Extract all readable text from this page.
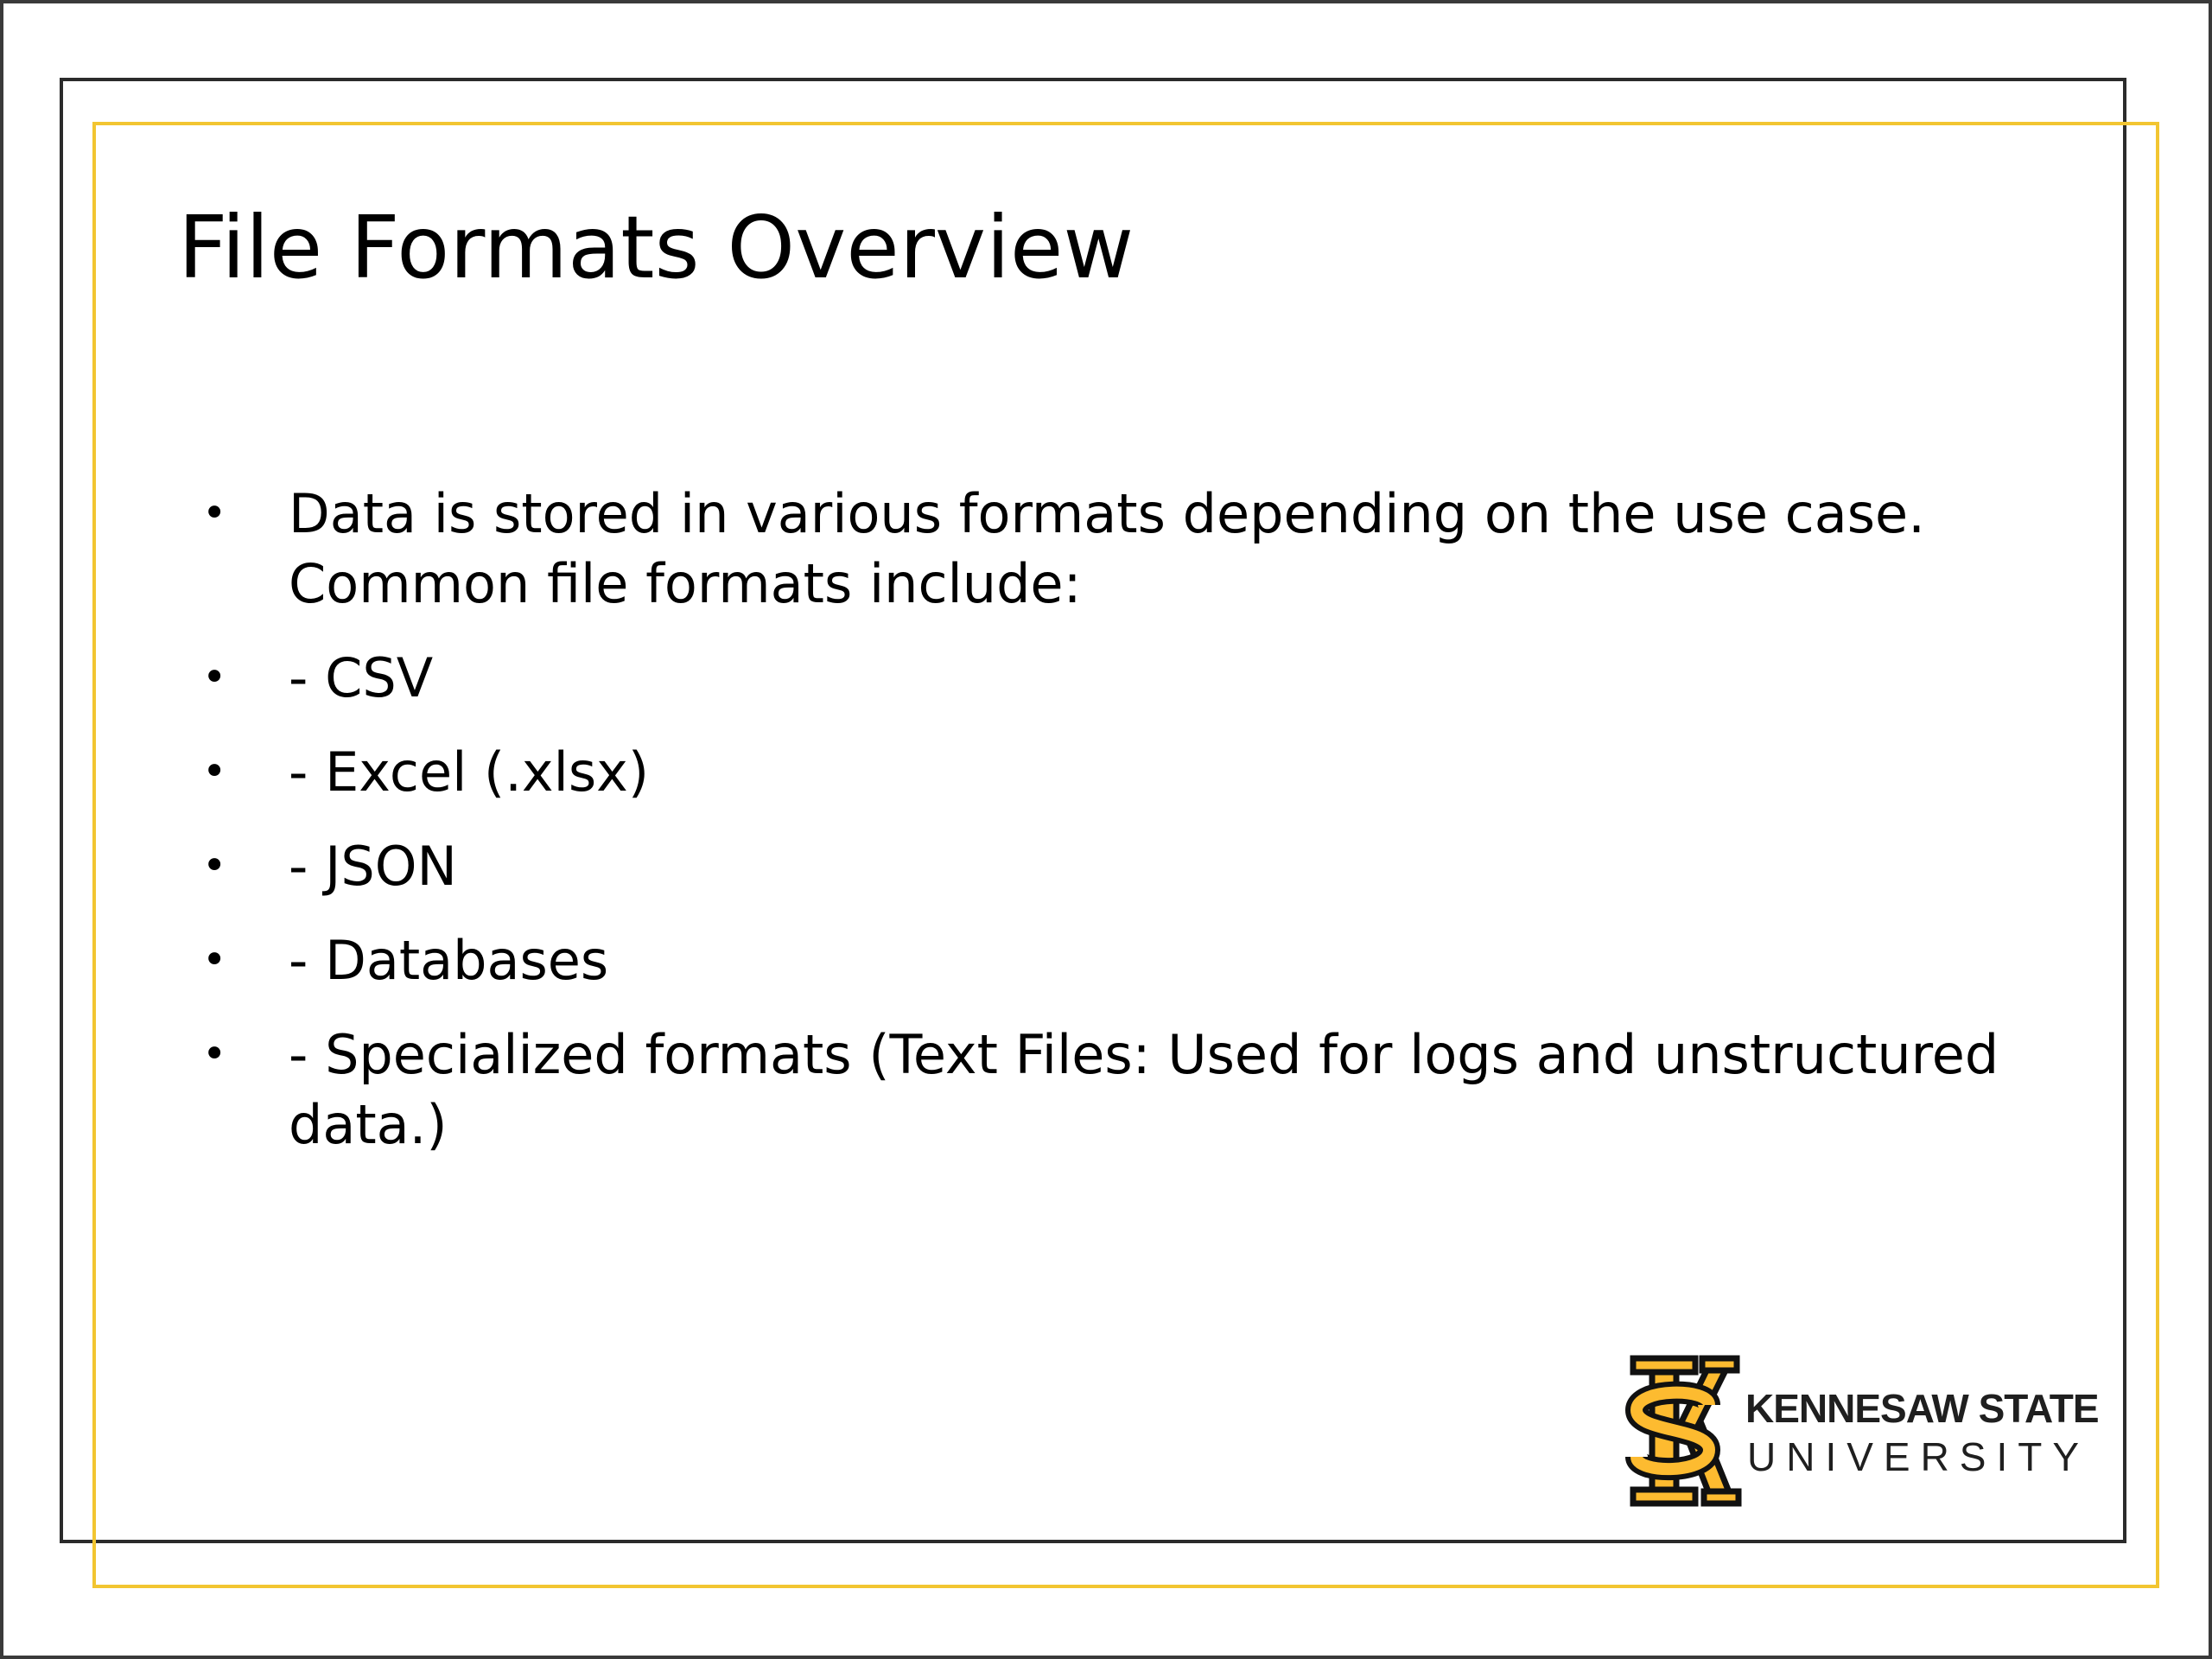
File Formats Overview
• Data is stored in various formats depending on the use case. Common file formats include:
• - CSV
• - Excel (.xlsx)
• - JSON
• - Databases
• - Specialized formats (Text Files: Used for logs and unstructured data.)
KENNESAW STATE
UNIVERSITY
